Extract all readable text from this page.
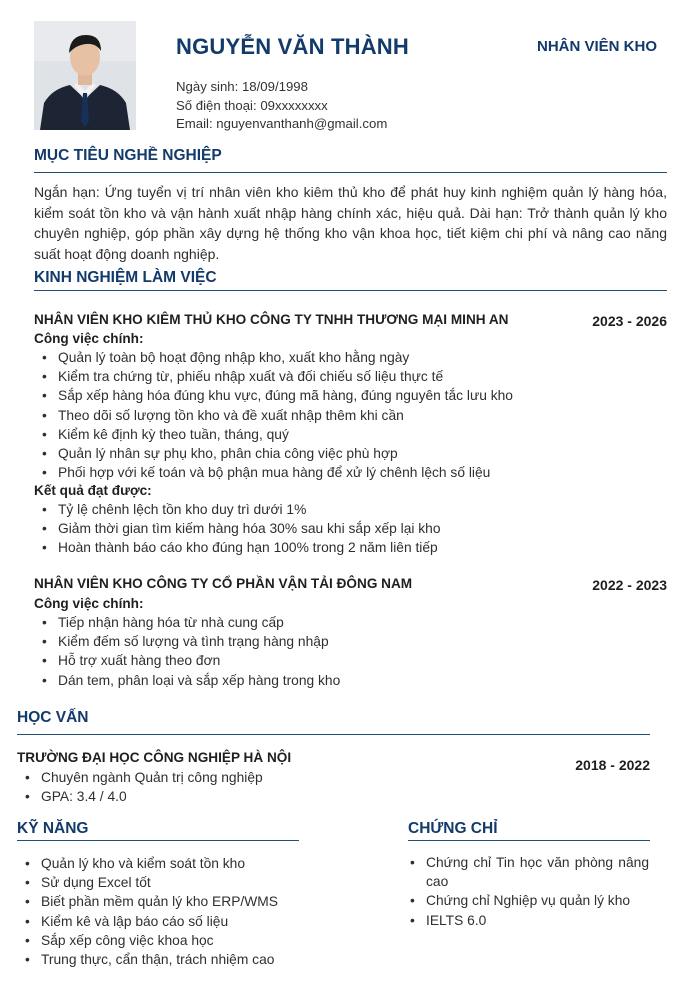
NGUYỄN VĂN THÀNH	NHÂN VIÊN KHO
Ngày sinh: 18/09/1998
Số điện thoại: 09xxxxxxxx
Email: nguyenvanthanh@gmail.com
MỤC TIÊU NGHỀ NGHIỆP
Ngắn hạn: Ứng tuyển vị trí nhân viên kho kiêm thủ kho để phát huy kinh nghiệm quản lý hàng hóa, kiểm soát tồn kho và vận hành xuất nhập hàng chính xác, hiệu quả. Dài hạn: Trở thành quản lý kho chuyên nghiệp, góp phần xây dựng hệ thống kho vận khoa học, tiết kiệm chi phí và nâng cao năng suất hoạt động doanh nghiệp.
KINH NGHIỆM LÀM VIỆC
NHÂN VIÊN KHO KIÊM THỦ KHO CÔNG TY TNHH THƯƠNG MẠI MINH AN	2023 - 2026
Công việc chính:
• Quản lý toàn bộ hoạt động nhập kho, xuất kho hằng ngày
• Kiểm tra chứng từ, phiếu nhập xuất và đối chiếu số liệu thực tế
• Sắp xếp hàng hóa đúng khu vực, đúng mã hàng, đúng nguyên tắc lưu kho
• Theo dõi số lượng tồn kho và đề xuất nhập thêm khi cần
• Kiểm kê định kỳ theo tuần, tháng, quý
• Quản lý nhân sự phụ kho, phân chia công việc phù hợp
• Phối hợp với kế toán và bộ phận mua hàng để xử lý chênh lệch số liệu
Kết quả đạt được:
• Tỷ lệ chênh lệch tồn kho duy trì dưới 1%
• Giảm thời gian tìm kiếm hàng hóa 30% sau khi sắp xếp lại kho
• Hoàn thành báo cáo kho đúng hạn 100% trong 2 năm liên tiếp
NHÂN VIÊN KHO CÔNG TY CỔ PHẦN VẬN TẢI ĐÔNG NAM	2022 - 2023
Công việc chính:
• Tiếp nhận hàng hóa từ nhà cung cấp
• Kiểm đếm số lượng và tình trạng hàng nhập
• Hỗ trợ xuất hàng theo đơn
• Dán tem, phân loại và sắp xếp hàng trong kho
HỌC VẤN
TRƯỜNG ĐẠI HỌC CÔNG NGHIỆP HÀ NỘI	2018 - 2022
• Chuyên ngành Quản trị công nghiệp
• GPA: 3.4 / 4.0
KỸ NĂNG
• Quản lý kho và kiểm soát tồn kho
• Sử dụng Excel tốt
• Biết phần mềm quản lý kho ERP/WMS
• Kiểm kê và lập báo cáo số liệu
• Sắp xếp công việc khoa học
• Trung thực, cẩn thận, trách nhiệm cao
CHỨNG CHỈ
• Chứng chỉ Tin học văn phòng nâng cao
• Chứng chỉ Nghiệp vụ quản lý kho
• IELTS 6.0
